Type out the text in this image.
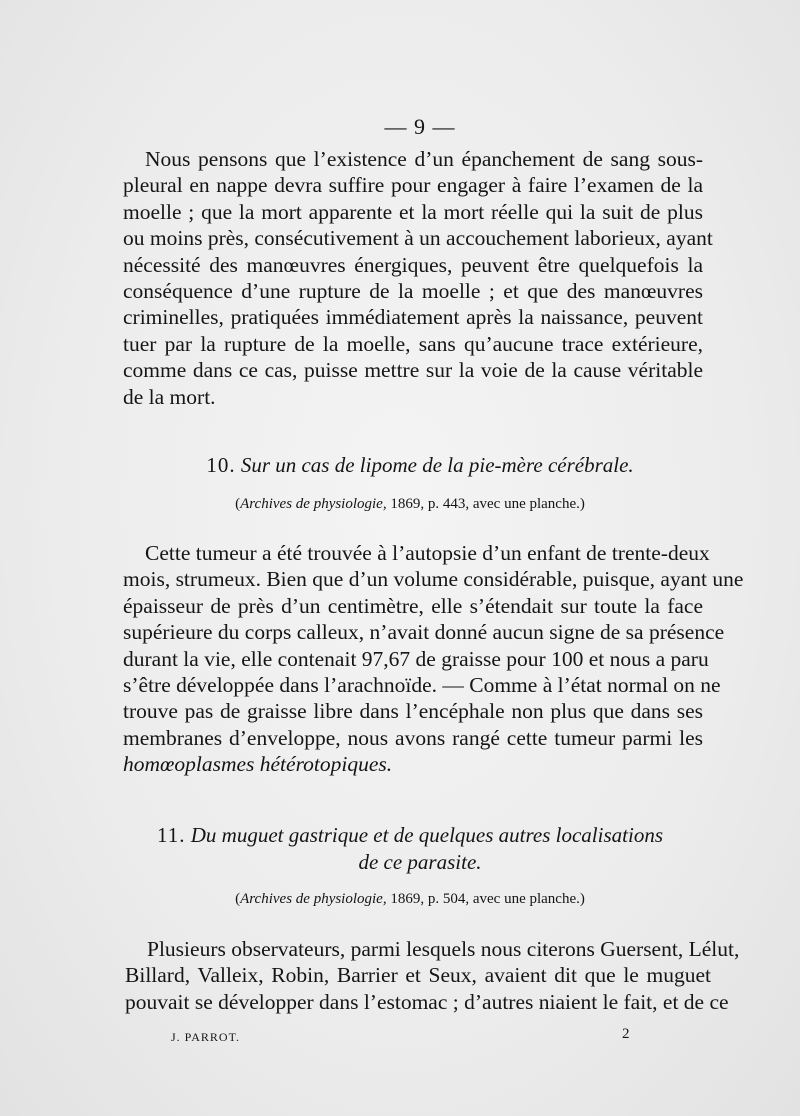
— 9 —
Nous pensons que l’existence d’un épanchement de sang sous-
pleural en nappe devra suffire pour engager à faire l’examen de la
moelle ; que la mort apparente et la mort réelle qui la suit de plus
ou moins près, consécutivement à un accouchement laborieux, ayant
nécessité des manœuvres énergiques, peuvent être quelquefois la
conséquence d’une rupture de la moelle ; et que des manœuvres
criminelles, pratiquées immédiatement après la naissance, peuvent
tuer par la rupture de la moelle, sans qu’aucune trace extérieure,
comme dans ce cas, puisse mettre sur la voie de la cause véritable
de la mort.
10. Sur un cas de lipome de la pie-mère cérébrale.
(Archives de physiologie, 1869, p. 443, avec une planche.)
Cette tumeur a été trouvée à l’autopsie d’un enfant de trente-deux
mois, strumeux. Bien que d’un volume considérable, puisque, ayant une
épaisseur de près d’un centimètre, elle s’étendait sur toute la face
supérieure du corps calleux, n’avait donné aucun signe de sa présence
durant la vie, elle contenait 97,67 de graisse pour 100 et nous a paru
s’être développée dans l’arachnoïde. — Comme à l’état normal on ne
trouve pas de graisse libre dans l’encéphale non plus que dans ses
membranes d’enveloppe, nous avons rangé cette tumeur parmi les
homœoplasmes hétérotopiques.
11. Du muguet gastrique et de quelques autres localisations
de ce parasite.
(Archives de physiologie, 1869, p. 504, avec une planche.)
Plusieurs observateurs, parmi lesquels nous citerons Guersent, Lélut,
Billard, Valleix, Robin, Barrier et Seux, avaient dit que le muguet
pouvait se développer dans l’estomac ; d’autres niaient le fait, et de ce
J. PARROT.	2
